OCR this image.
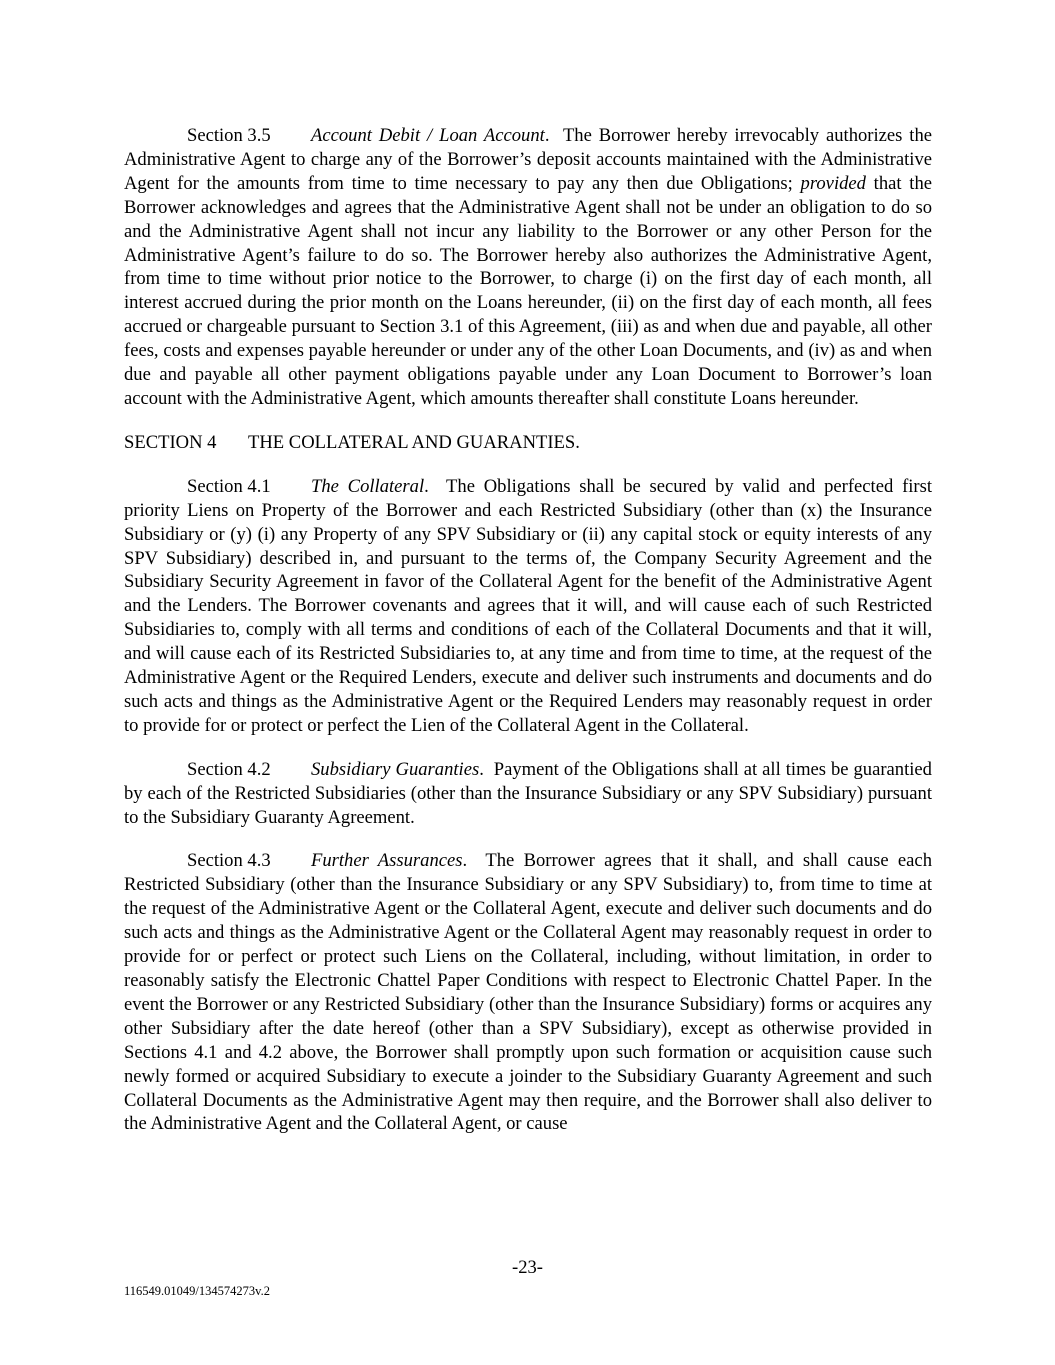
Section 3.5 Account Debit / Loan Account.  The Borrower hereby irrevocably authorizes the Administrative Agent to charge any of the Borrower’s deposit accounts maintained with the Administrative Agent for the amounts from time to time necessary to pay any then due Obligations; provided that the Borrower acknowledges and agrees that the Administrative Agent shall not be under an obligation to do so and the Administrative Agent shall not incur any liability to the Borrower or any other Person for the Administrative Agent’s failure to do so. The Borrower hereby also authorizes the Administrative Agent, from time to time without prior notice to the Borrower, to charge (i) on the first day of each month, all interest accrued during the prior month on the Loans hereunder, (ii) on the first day of each month, all fees accrued or chargeable pursuant to Section 3.1 of this Agreement, (iii) as and when due and payable, all other fees, costs and expenses payable hereunder or under any of the other Loan Documents, and (iv) as and when due and payable all other payment obligations payable under any Loan Document to Borrower’s loan account with the Administrative Agent, which amounts thereafter shall constitute Loans hereunder.

SECTION 4 THE COLLATERAL AND GUARANTIES.

Section 4.1 The Collateral.  The Obligations shall be secured by valid and perfected first priority Liens on Property of the Borrower and each Restricted Subsidiary (other than (x) the Insurance Subsidiary or (y) (i) any Property of any SPV Subsidiary or (ii) any capital stock or equity interests of any SPV Subsidiary) described in, and pursuant to the terms of, the Company Security Agreement and the Subsidiary Security Agreement in favor of the Collateral Agent for the benefit of the Administrative Agent and the Lenders. The Borrower covenants and agrees that it will, and will cause each of such Restricted Subsidiaries to, comply with all terms and conditions of each of the Collateral Documents and that it will, and will cause each of its Restricted Subsidiaries to, at any time and from time to time, at the request of the Administrative Agent or the Required Lenders, execute and deliver such instruments and documents and do such acts and things as the Administrative Agent or the Required Lenders may reasonably request in order to provide for or protect or perfect the Lien of the Collateral Agent in the Collateral.

Section 4.2 Subsidiary Guaranties.  Payment of the Obligations shall at all times be guarantied by each of the Restricted Subsidiaries (other than the Insurance Subsidiary or any SPV Subsidiary) pursuant to the Subsidiary Guaranty Agreement.

Section 4.3 Further Assurances.  The Borrower agrees that it shall, and shall cause each Restricted Subsidiary (other than the Insurance Subsidiary or any SPV Subsidiary) to, from time to time at the request of the Administrative Agent or the Collateral Agent, execute and deliver such documents and do such acts and things as the Administrative Agent or the Collateral Agent may reasonably request in order to provide for or perfect or protect such Liens on the Collateral, including, without limitation, in order to reasonably satisfy the Electronic Chattel Paper Conditions with respect to Electronic Chattel Paper. In the event the Borrower or any Restricted Subsidiary (other than the Insurance Subsidiary) forms or acquires any other Subsidiary after the date hereof (other than a SPV Subsidiary), except as otherwise provided in Sections 4.1 and 4.2 above, the Borrower shall promptly upon such formation or acquisition cause such newly formed or acquired Subsidiary to execute a joinder to the Subsidiary Guaranty Agreement and such Collateral Documents as the Administrative Agent may then require, and the Borrower shall also deliver to the Administrative Agent and the Collateral Agent, or cause

-23-
116549.01049/134574273v.2
